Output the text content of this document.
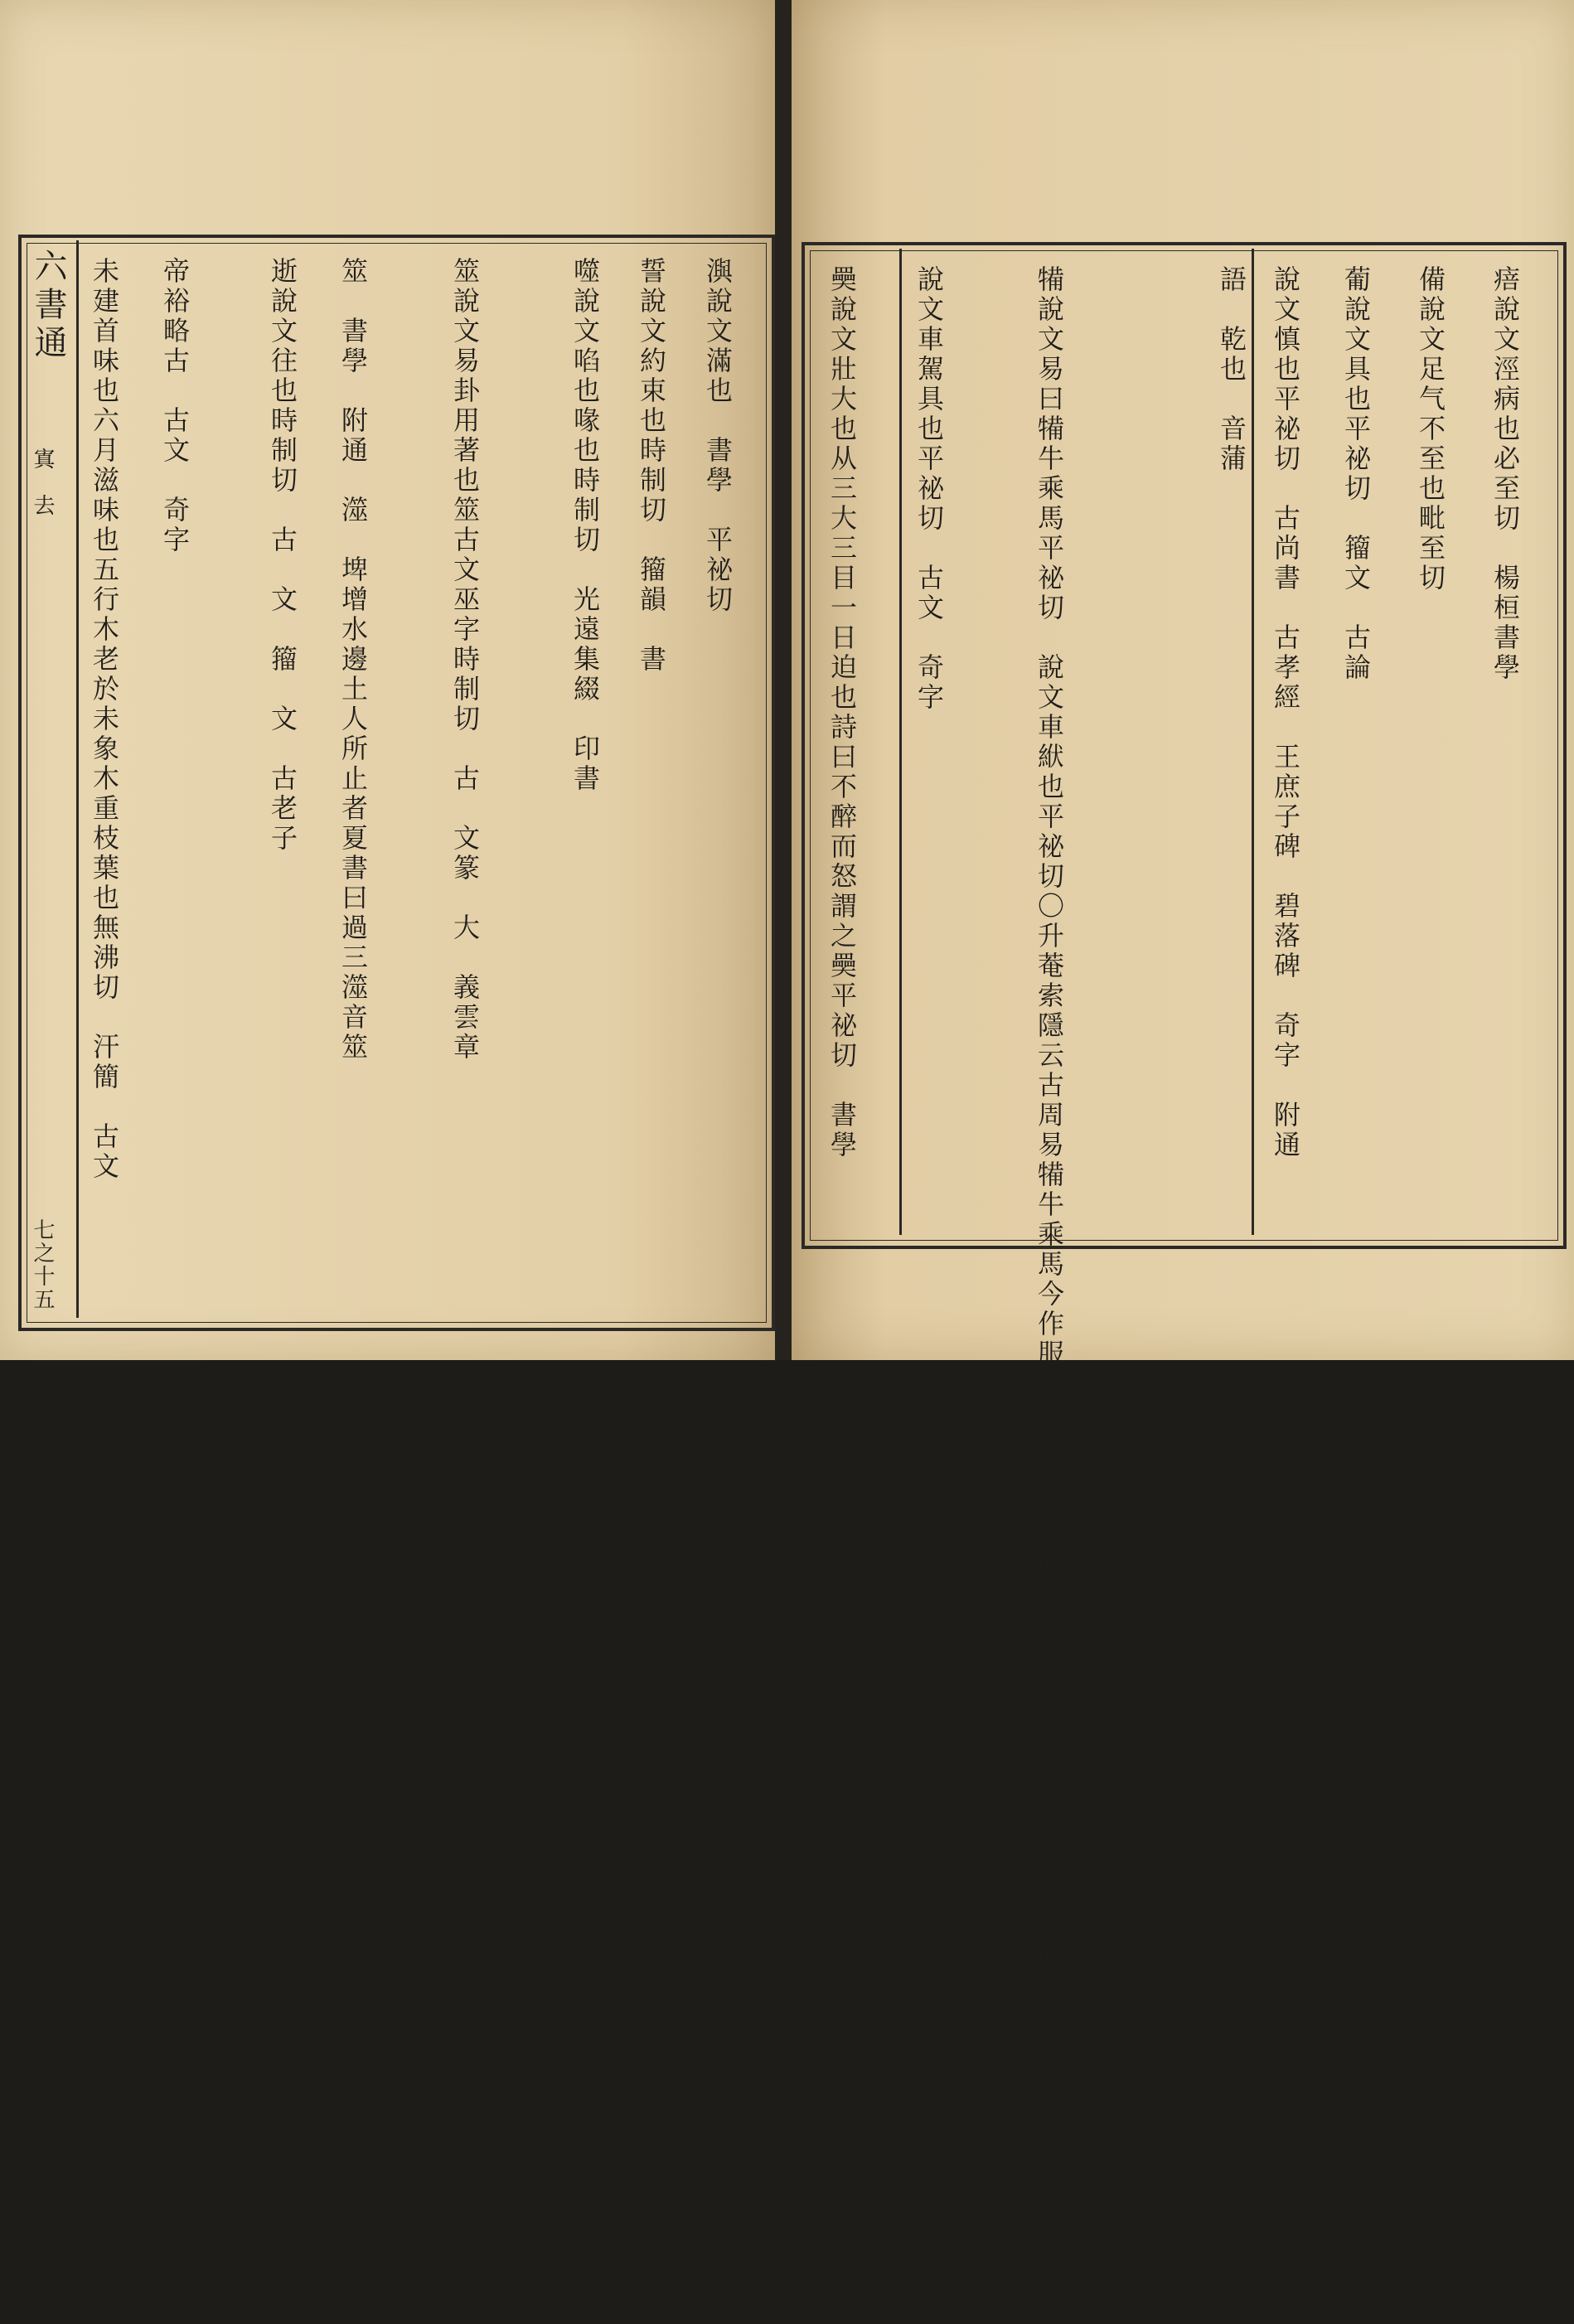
六書通
寘　去
七之十五
㵰說文滿也　書學　平祕切
誓說文約束也時制切　籀韻　書
噬說文啗也喙也時制切　光遠集綴　印書
筮說文易卦用著也筮古文巫字時制切　古　文篆　大　義雲章
筮　書學　附通　澨　埤增水邊土人所止者夏書曰過三澨音筮
逝說文往也時制切　古　文　籀　文　古老子
帝裕略古　古文　奇字
未建首味也六月滋味也五行木老於未象木重枝葉也無沸切　汗簡　古文	㾦說文涇病也必至切　楊桓書學
備說文足气不至也毗至切
葡說文具也平祕切　籀文　古論
說文慎也平祕切　古尚書　古孝經　王庶子碑　碧落碑　奇字　附通
語　乾也　音蒲
犕說文易曰犕牛乘馬平祕切　說文車絥也平祕切〇升菴索隱云古周易犕牛乘馬今作服史記伯犕今作服漢書董卓傳義與犕未注義同服音備非正韻亦有服音今兩存
奰說文壯大也从三大三目一日迫也詩曰不醉而怒謂之奰平祕切　書學 說文車駕具也平祕切　古文　奇字
